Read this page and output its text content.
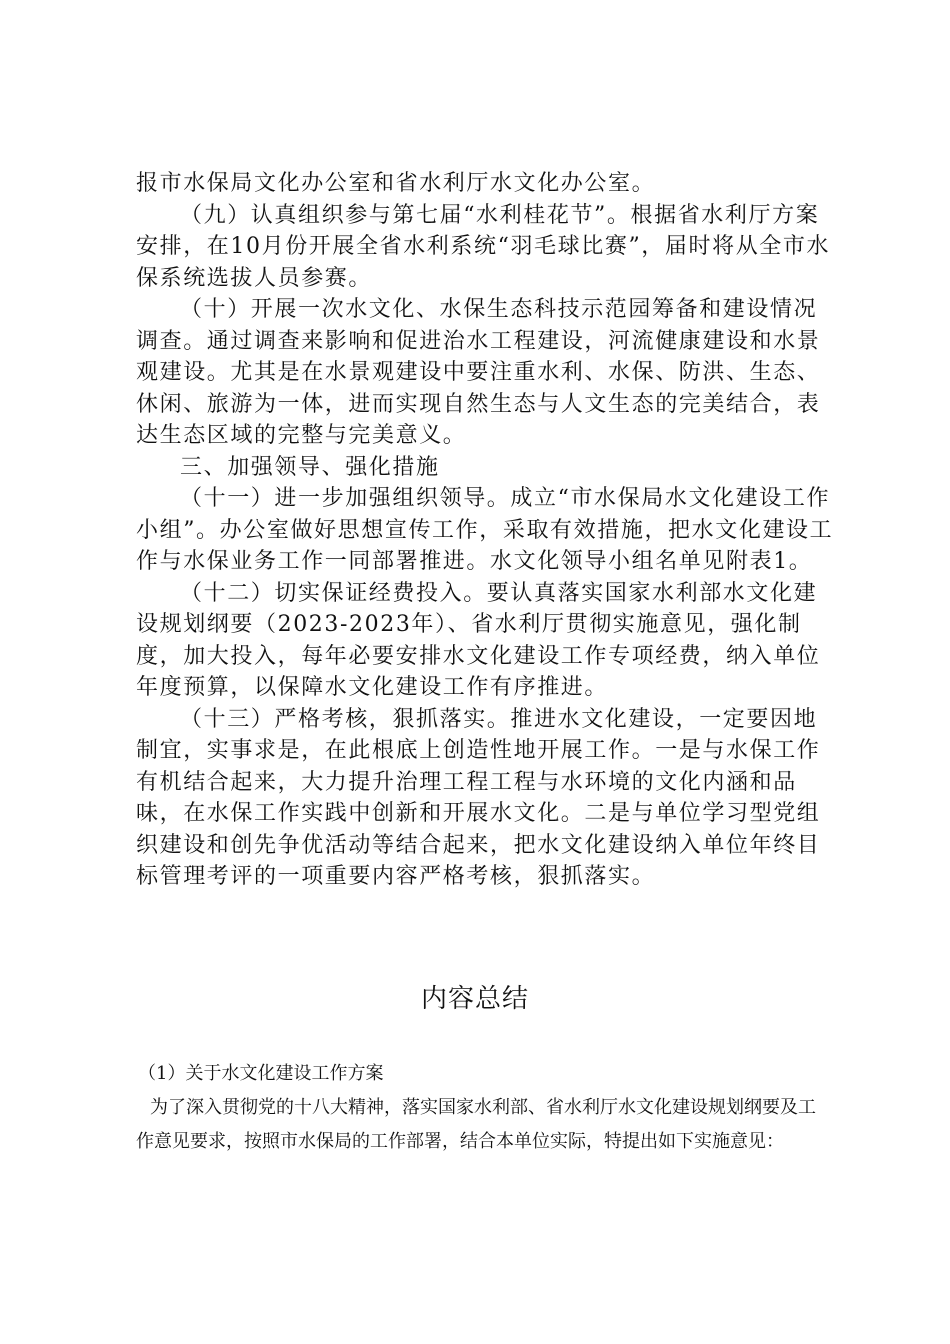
报市水保局文化办公室和省水利厅水文化办公室。

（九）认真组织参与第七届“水利桂花节”。根据省水利厅方案安排，在10月份开展全省水利系统“羽毛球比赛”，届时将从全市水保系统选拔人员参赛。

（十）开展一次水文化、水保生态科技示范园筹备和建设情况调查。通过调查来影响和促进治水工程建设，河流健康建设和水景观建设。尤其是在水景观建设中要注重水利、水保、防洪、生态、休闲、旅游为一体，进而实现自然生态与人文生态的完美结合，表达生态区域的完整与完美意义。

三、加强领导、强化措施

（十一）进一步加强组织领导。成立“市水保局水文化建设工作小组”。办公室做好思想宣传工作，采取有效措施，把水文化建设工作与水保业务工作一同部署推进。水文化领导小组名单见附表1。

（十二）切实保证经费投入。要认真落实国家水利部水文化建设规划纲要（2023-2023年）、省水利厅贯彻实施意见，强化制度，加大投入，每年必要安排水文化建设工作专项经费，纳入单位年度预算，以保障水文化建设工作有序推进。

（十三）严格考核，狠抓落实。推进水文化建设，一定要因地制宜，实事求是，在此根底上创造性地开展工作。一是与水保工作有机结合起来，大力提升治理工程工程与水环境的文化内涵和品味，在水保工作实践中创新和开展水文化。二是与单位学习型党组织建设和创先争优活动等结合起来，把水文化建设纳入单位年终目标管理考评的一项重要内容严格考核，狠抓落实。

内容总结

（1）关于水文化建设工作方案

为了深入贯彻党的十八大精神，落实国家水利部、省水利厅水文化建设规划纲要及工作意见要求，按照市水保局的工作部署，结合本单位实际，特提出如下实施意见：
